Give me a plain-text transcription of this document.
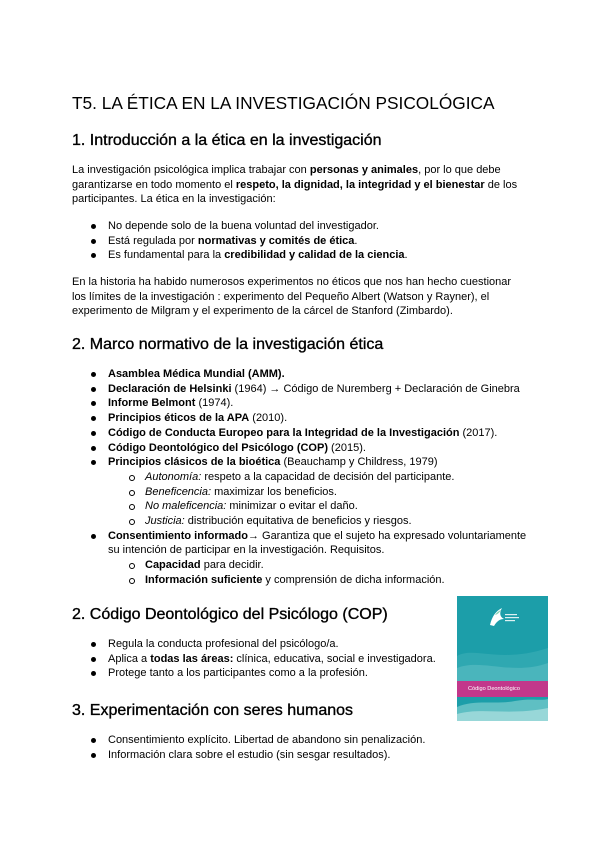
T5. LA ÉTICA EN LA INVESTIGACIÓN PSICOLÓGICA
1. Introducción a la ética en la investigación

La investigación psicológica implica trabajar con personas y animales, por lo que debe garantizarse en todo momento el respeto, la dignidad, la integridad y el bienestar de los participantes. La ética en la investigación:

No depende solo de la buena voluntad del investigador.
Está regulada por normativas y comités de ética.
Es fundamental para la credibilidad y calidad de la ciencia.

En la historia ha habido numerosos experimentos no éticos que nos han hecho cuestionar los límites de la investigación : experimento del Pequeño Albert (Watson y Rayner), el experimento de Milgram y el experimento de la cárcel de Stanford (Zimbardo).

2. Marco normativo de la investigación ética
Asamblea Médica Mundial (AMM).
Declaración de Helsinki (1964) → Código de Nuremberg + Declaración de Ginebra
Informe Belmont (1974).
Principios éticos de la APA (2010).
Código de Conducta Europeo para la Integridad de la Investigación (2017).
Código Deontológico del Psicólogo (COP) (2015).
Principios clásicos de la bioética (Beauchamp y Childress, 1979)
Autonomía: respeto a la capacidad de decisión del participante.
Beneficencia: maximizar los beneficios.
No maleficencia: minimizar o evitar el daño.
Justicia: distribución equitativa de beneficios y riesgos.
Consentimiento informado→ Garantiza que el sujeto ha expresado voluntariamente su intención de participar en la investigación. Requisitos.
Capacidad para decidir.
Información suficiente y comprensión de dicha información.
2. Código Deontológico del Psicólogo (COP)
Regula la conducta profesional del psicólogo/a.
Aplica a todas las áreas: clínica, educativa, social e investigadora.
Protege tanto a los participantes como a la profesión.
Código Deontológico
3. Experimentación con seres humanos
Consentimiento explícito. Libertad de abandono sin penalización.
Información clara sobre el estudio (sin sesgar resultados).
